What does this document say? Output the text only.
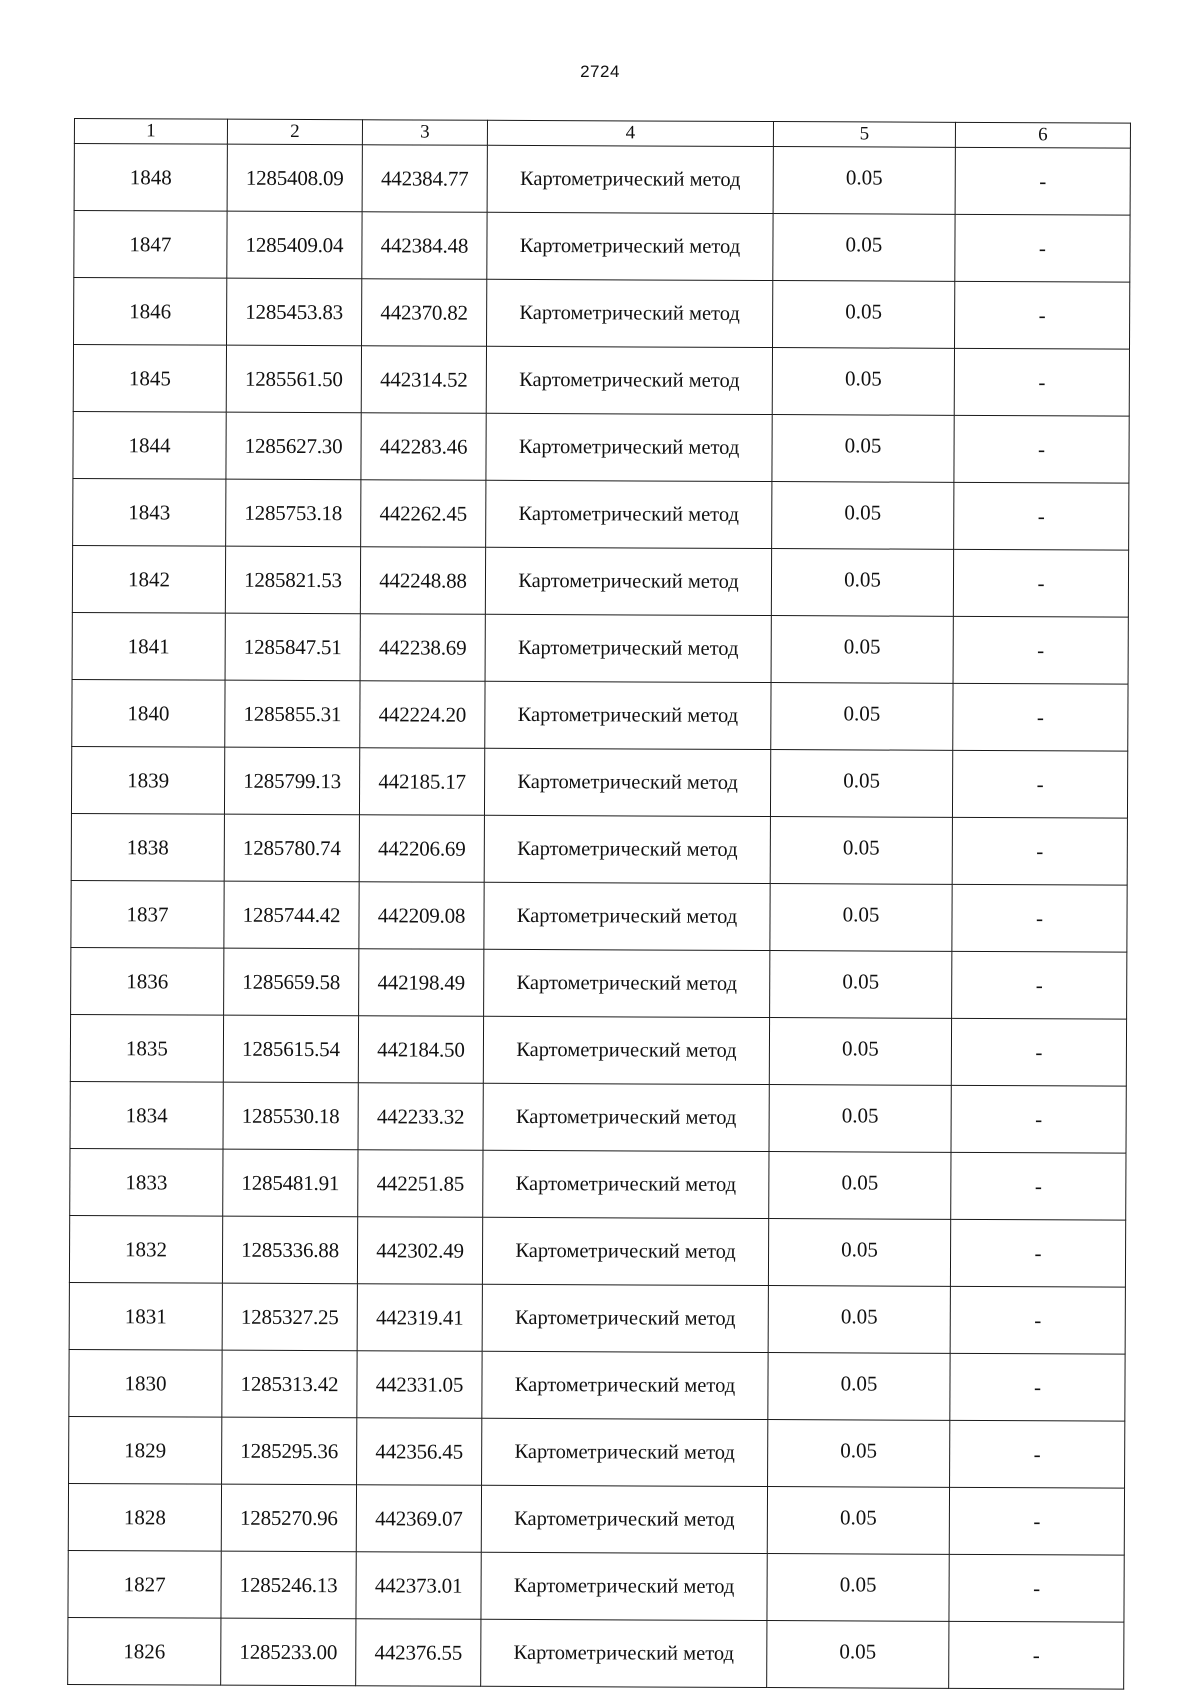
2724
1	2	3	4	5	6
1848	1285408.09	442384.77	Картометрический метод	0.05	-
1847	1285409.04	442384.48	Картометрический метод	0.05	-
1846	1285453.83	442370.82	Картометрический метод	0.05	-
1845	1285561.50	442314.52	Картометрический метод	0.05	-
1844	1285627.30	442283.46	Картометрический метод	0.05	-
1843	1285753.18	442262.45	Картометрический метод	0.05	-
1842	1285821.53	442248.88	Картометрический метод	0.05	-
1841	1285847.51	442238.69	Картометрический метод	0.05	-
1840	1285855.31	442224.20	Картометрический метод	0.05	-
1839	1285799.13	442185.17	Картометрический метод	0.05	-
1838	1285780.74	442206.69	Картометрический метод	0.05	-
1837	1285744.42	442209.08	Картометрический метод	0.05	-
1836	1285659.58	442198.49	Картометрический метод	0.05	-
1835	1285615.54	442184.50	Картометрический метод	0.05	-
1834	1285530.18	442233.32	Картометрический метод	0.05	-
1833	1285481.91	442251.85	Картометрический метод	0.05	-
1832	1285336.88	442302.49	Картометрический метод	0.05	-
1831	1285327.25	442319.41	Картометрический метод	0.05	-
1830	1285313.42	442331.05	Картометрический метод	0.05	-
1829	1285295.36	442356.45	Картометрический метод	0.05	-
1828	1285270.96	442369.07	Картометрический метод	0.05	-
1827	1285246.13	442373.01	Картометрический метод	0.05	-
1826	1285233.00	442376.55	Картометрический метод	0.05	-
